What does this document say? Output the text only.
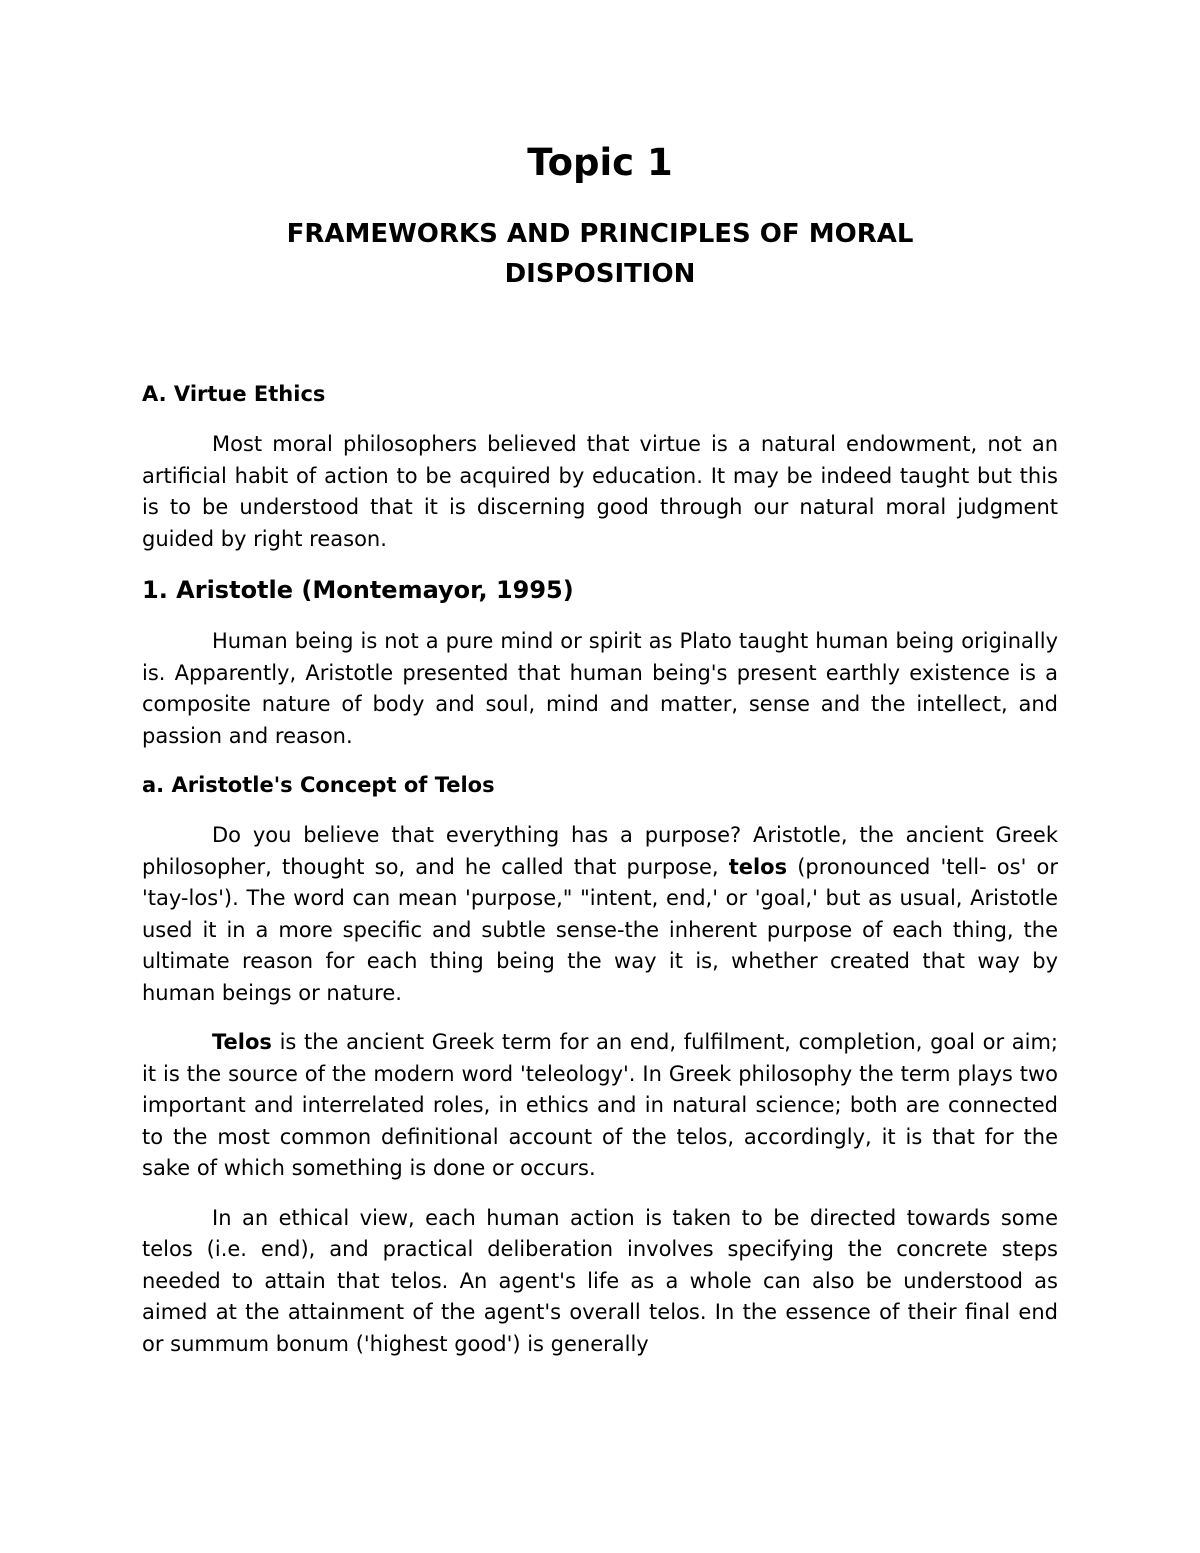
Topic 1
FRAMEWORKS AND PRINCIPLES OF MORAL
DISPOSITION
A. Virtue Ethics

Most moral philosophers believed that virtue is a natural endowment, not an artificial habit of action to be acquired by education. It may be indeed taught but this is to be understood that it is discerning good through our natural moral judgment guided by right reason.

1. Aristotle (Montemayor, 1995)

Human being is not a pure mind or spirit as Plato taught human being originally is. Apparently, Aristotle presented that human being's present earthly existence is a composite nature of body and soul, mind and matter, sense and the intellect, and passion and reason.

a. Aristotle's Concept of Telos

Do you believe that everything has a purpose? Aristotle, the ancient Greek philosopher, thought so, and he called that purpose, telos (pronounced 'tell- os' or 'tay-los'). The word can mean 'purpose," "intent, end,' or 'goal,' but as usual, Aristotle used it in a more specific and subtle sense-the inherent purpose of each thing, the ultimate reason for each thing being the way it is, whether created that way by human beings or nature.

Telos is the ancient Greek term for an end, fulfilment, completion, goal or aim; it is the source of the modern word 'teleology'. In Greek philosophy the term plays two important and interrelated roles, in ethics and in natural science; both are connected to the most common definitional account of the telos, accordingly, it is that for the sake of which something is done or occurs.

In an ethical view, each human action is taken to be directed towards some telos (i.e. end), and practical deliberation involves specifying the concrete steps needed to attain that telos. An agent's life as a whole can also be understood as aimed at the attainment of the agent's overall telos. In the essence of their final end or summum bonum ('highest good') is generally
